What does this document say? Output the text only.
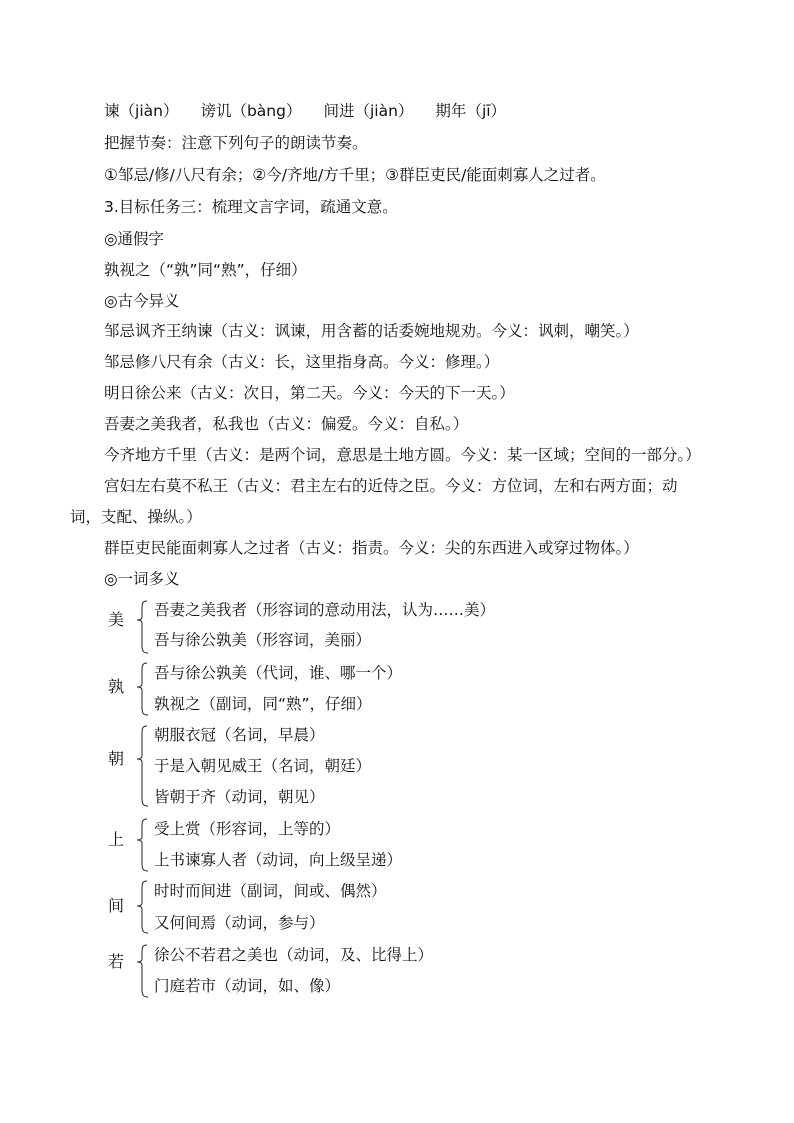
谏（jiàn） 谤讥（bàng） 间进（jiàn） 期年（jī）
把握节奏：注意下列句子的朗读节奏。
①邹忌/修/八尺有余；②今/齐地/方千里；③群臣吏民/能面刺寡人之过者。
3.目标任务三：梳理文言字词，疏通文意。
◎通假字
孰视之（“孰”同“熟”，仔细）
◎古今异义
邹忌讽齐王纳谏（古义：讽谏，用含蓄的话委婉地规劝。今义：讽刺，嘲笑。）
邹忌修八尺有余（古义：长，这里指身高。今义：修理。）
明日徐公来（古义：次日，第二天。今义：今天的下一天。）
吾妻之美我者，私我也（古义：偏爱。今义：自私。）
今齐地方千里（古义：是两个词，意思是土地方圆。今义：某一区域；空间的一部分。）
宫妇左右莫不私王（古义：君主左右的近侍之臣。今义：方位词，左和右两方面；动
词，支配、操纵。）
群臣吏民能面刺寡人之过者（古义：指责。今义：尖的东西进入或穿过物体。）
◎一词多义
美 吾妻之美我者（形容词的意动用法，认为……美）
吾与徐公孰美（形容词，美丽）
孰
吾与徐公孰美（代词，谁、哪一个）
孰视之（副词，同“熟”，仔细）
朝
朝服衣冠（名词，早晨）
于是入朝见威王（名词，朝廷）
皆朝于齐（动词，朝见）
上
受上赏（形容词，上等的）
上书谏寡人者（动词，向上级呈递）
间
时时而间进（副词，间或、偶然）
又何间焉（动词，参与）
若 徐公不若君之美也（动词，及、比得上）
门庭若市（动词，如、像）
